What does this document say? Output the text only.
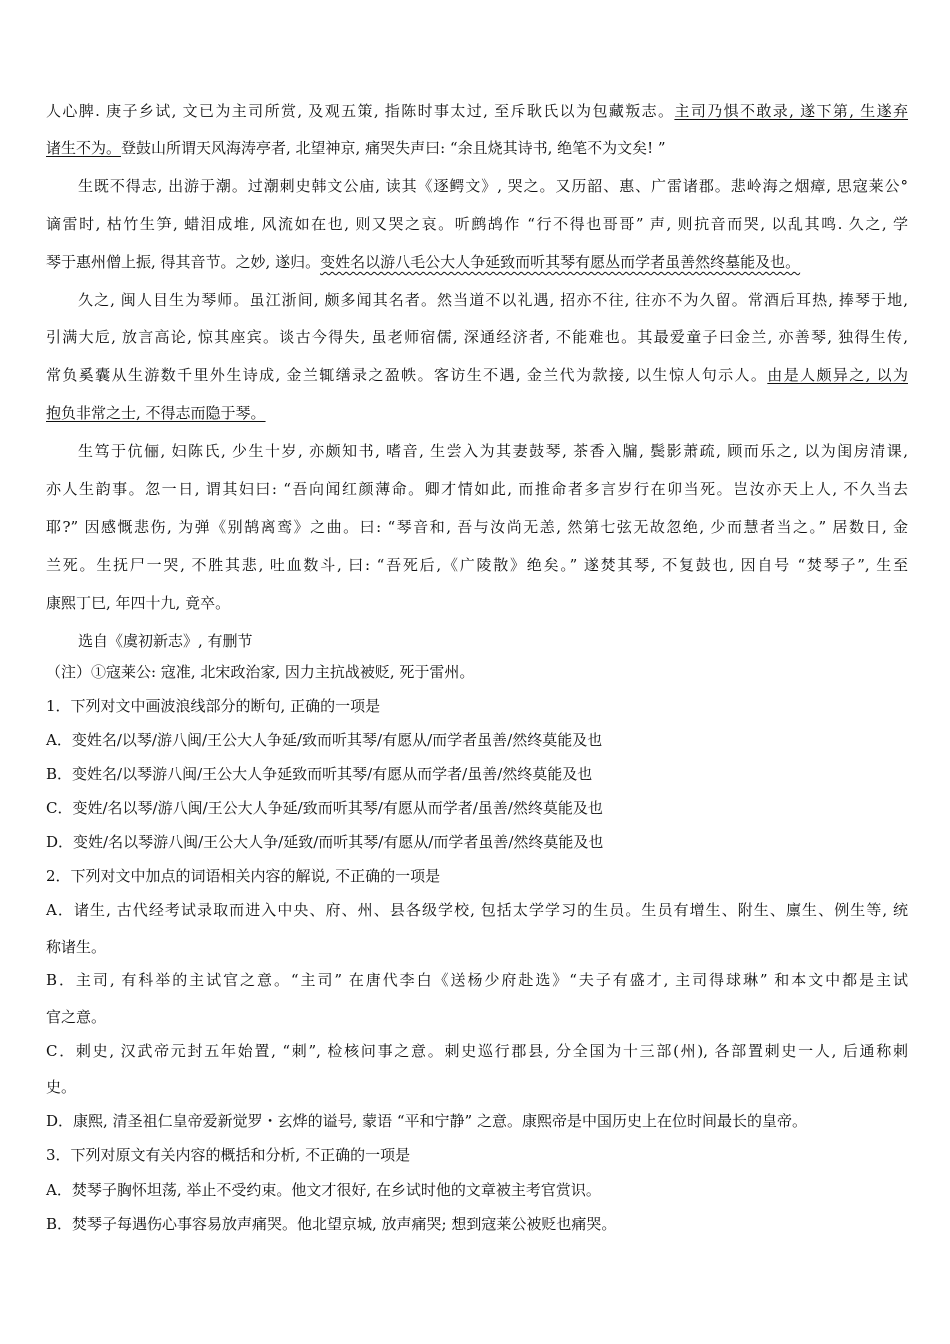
人心脾. 庚子乡试, 文已为主司所赏, 及观五策, 指陈时事太过, 至斥耿氏以为包藏叛志。主司乃惧不敢录, 遂下第, 生遂弃
诸生不为。登鼓山所谓天风海涛亭者, 北望神京, 痛哭失声曰: “余且烧其诗书, 绝笔不为文矣! ”
生既不得志, 出游于潮。过潮刺史韩文公庙, 读其《逐鳄文》, 哭之。又历韶、惠、广雷诸郡。悲岭海之烟瘴, 思寇莱公°
谪雷时, 枯竹生笋, 蜡泪成堆, 风流如在也, 则又哭之哀。听鹧鸪作 “行不得也哥哥” 声, 则抗音而哭, 以乱其鸣. 久之, 学
琴于惠州僧上振, 得其音节。之妙, 遂归。变姓名以游八毛公大人争延致而听其琴有愿丛而学者虽善然终墓能及也。
久之, 闽人目生为琴师。虽江浙间, 颇多闻其名者。然当道不以礼遇, 招亦不往, 往亦不为久留。常酒后耳热, 捧琴于地,
引满大卮, 放言高论, 惊其座宾。谈古今得失, 虽老师宿儒, 深通经济者, 不能难也。其最爱童子曰金兰, 亦善琴, 独得生传,
常负奚囊从生游数千里外生诗成, 金兰辄缮录之盈帙。客访生不遇, 金兰代为款接, 以生惊人句示人。由是人颇异之, 以为
抱负非常之士, 不得志而隐于琴。
生笃于伉俪, 妇陈氏, 少生十岁, 亦颇知书, 嗜音, 生尝入为其妻鼓琴, 茶香入牖, 鬓影萧疏, 顾而乐之, 以为闺房清课,
亦人生韵事。忽一日, 谓其妇曰: “吾向闻红颜薄命。卿才情如此, 而推命者多言岁行在卯当死。岂汝亦天上人, 不久当去
耶?” 因感慨悲伤, 为弹《别鹄离鸾》之曲。曰: “琴音和, 吾与汝尚无恙, 然第七弦无故忽绝, 少而慧者当之。” 居数日, 金
兰死。生抚尸一哭, 不胜其悲, 吐血数斗, 曰: “吾死后,《广陵散》绝矣。” 遂焚其琴, 不复鼓也, 因自号 “焚琴子”, 生至
康熙丁巳, 年四十九, 竟卒。
选自《虞初新志》, 有删节
（注）①寇莱公: 寇准, 北宋政治家, 因力主抗战被贬, 死于雷州。
1．下列对文中画波浪线部分的断句, 正确的一项是
A．变姓名/以琴/游八闽/王公大人争延/致而听其琴/有愿从/而学者虽善/然终莫能及也
B．变姓名/以琴游八闽/王公大人争延致而听其琴/有愿从而学者/虽善/然终莫能及也
C．变姓/名以琴/游八闽/王公大人争延/致而听其琴/有愿从而学者/虽善/然终莫能及也
D．变姓/名以琴游八闽/王公大人争/延致/而听其琴/有愿从/而学者虽善/然终莫能及也
2．下列对文中加点的词语相关内容的解说, 不正确的一项是
A．诸生, 古代经考试录取而进入中央、府、州、县各级学校, 包括太学学习的生员。生员有增生、附生、廪生、例生等, 统
称诸生。
B．主司, 有科举的主试官之意。“主司” 在唐代李白《送杨少府赴选》“夫子有盛才, 主司得球琳” 和本文中都是主试
官之意。
C．刺史, 汉武帝元封五年始置, “刺”, 检核问事之意。刺史巡行郡县, 分全国为十三部(州), 各部置刺史一人, 后通称刺
史。
D．康熙, 清圣祖仁皇帝爱新觉罗・玄烨的谥号, 蒙语 “平和宁静” 之意。康熙帝是中国历史上在位时间最长的皇帝。
3．下列对原文有关内容的概括和分析, 不正确的一项是
A．焚琴子胸怀坦荡, 举止不受约束。他文才很好, 在乡试时他的文章被主考官赏识。
B．焚琴子每遇伤心事容易放声痛哭。他北望京城, 放声痛哭; 想到寇莱公被贬也痛哭。
